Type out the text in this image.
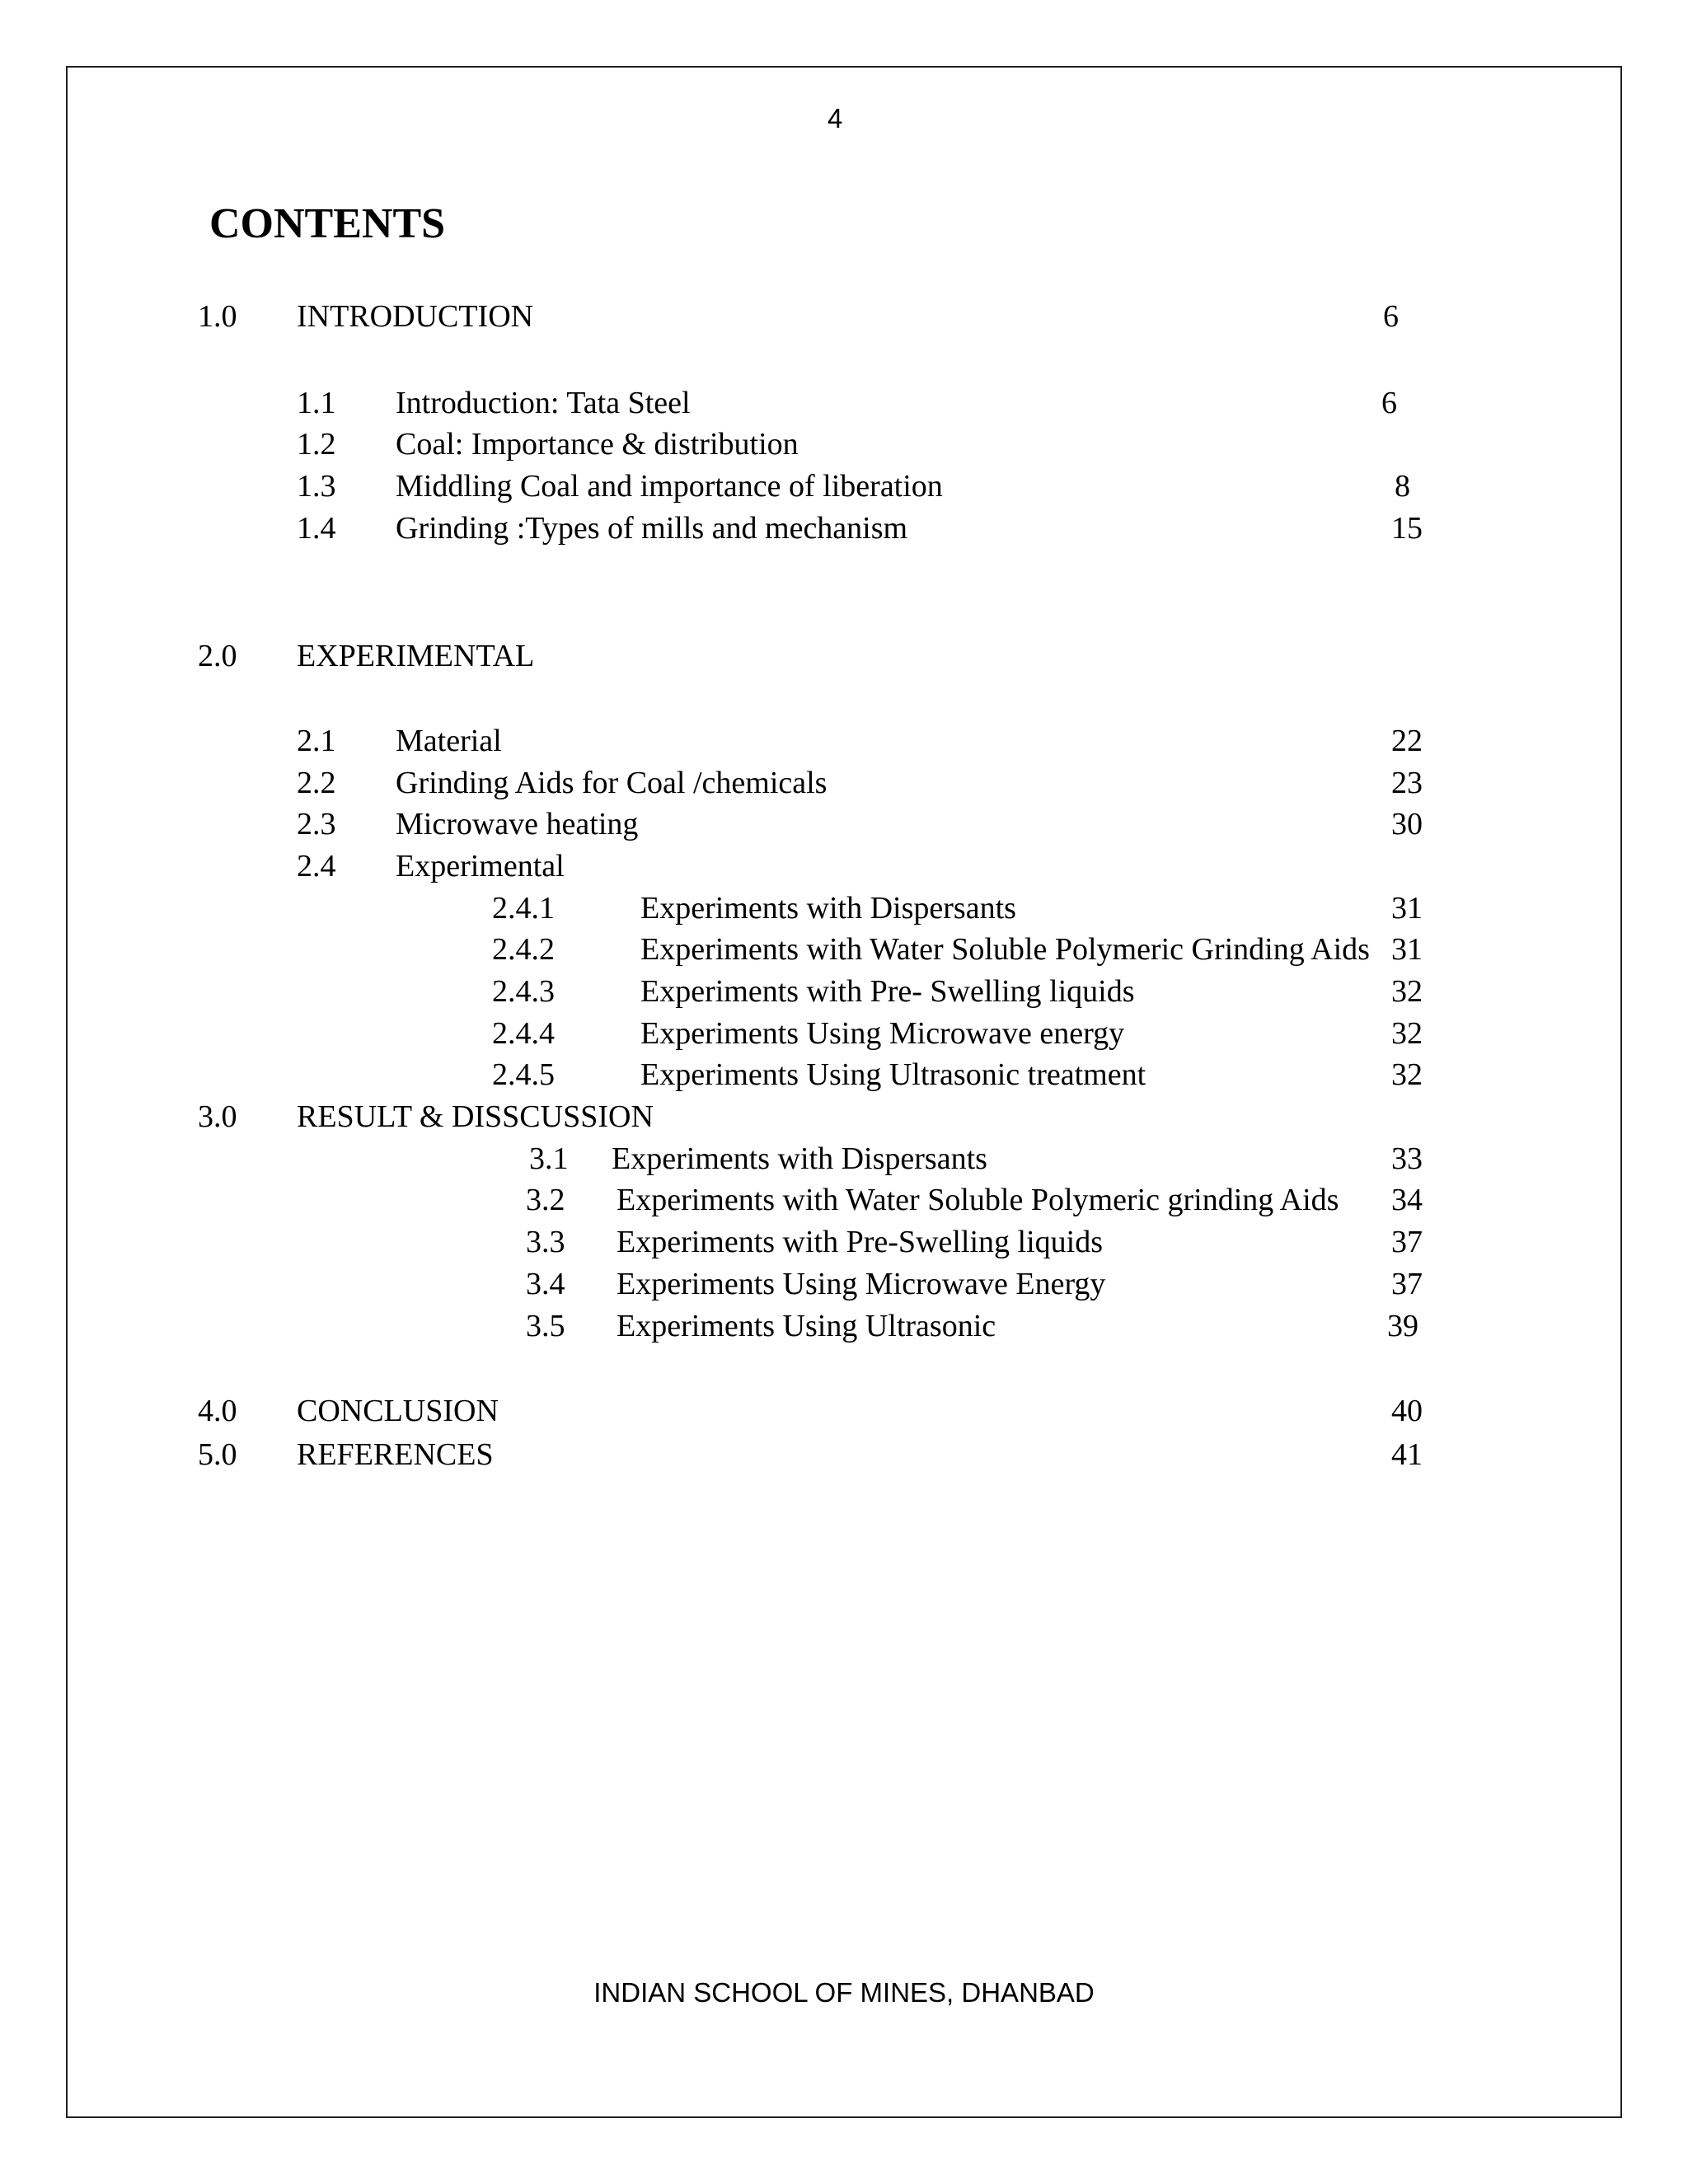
4
CONTENTS
1.0 INTRODUCTION	6
1.1 Introduction: Tata Steel	6
1.2 Coal: Importance & distribution
1.3 Middling Coal and importance of liberation	8
1.4 Grinding :Types of mills and mechanism	15
2.0 EXPERIMENTAL
2.1 Material	22
2.2 Grinding Aids for Coal /chemicals	23
2.3 Microwave heating	30
2.4 Experimental
2.4.1	Experiments with Dispersants	31
2.4.2	Experiments with Water Soluble Polymeric Grinding Aids 31
2.4.3	Experiments with Pre- Swelling liquids	32
2.4.4	Experiments Using Microwave energy	32
2.4.5	Experiments Using Ultrasonic treatment	32
3.0 RESULT & DISSCUSSION
3.1 Experiments with Dispersants	33
3.2 Experiments with Water Soluble Polymeric grinding Aids 34
3.3 Experiments with Pre-Swelling liquids	37
3.4 Experiments Using Microwave Energy	37
3.5 Experiments Using Ultrasonic	39
4.0 CONCLUSION	40
5.0 REFERENCES	41
INDIAN SCHOOL OF MINES, DHANBAD
